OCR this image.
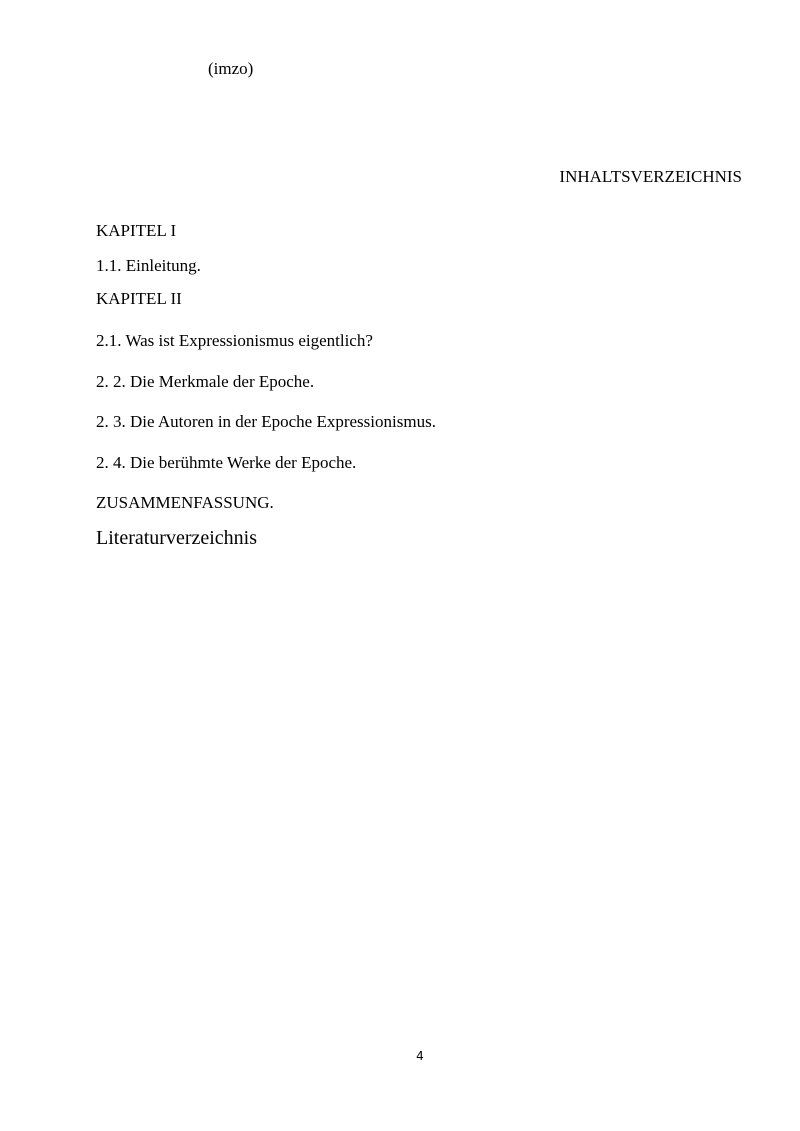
(imzo)
INHALTSVERZEICHNIS
KAPITEL I
1.1. Einleitung.
KAPITEL II
2.1. Was ist Expressionismus eigentlich?
2. 2. Die Merkmale der Epoche.
2. 3. Die Autoren in der Epoche Expressionismus.
2. 4. Die berühmte Werke der Epoche.
ZUSAMMENFASSUNG.
Literaturverzeichnis
4
